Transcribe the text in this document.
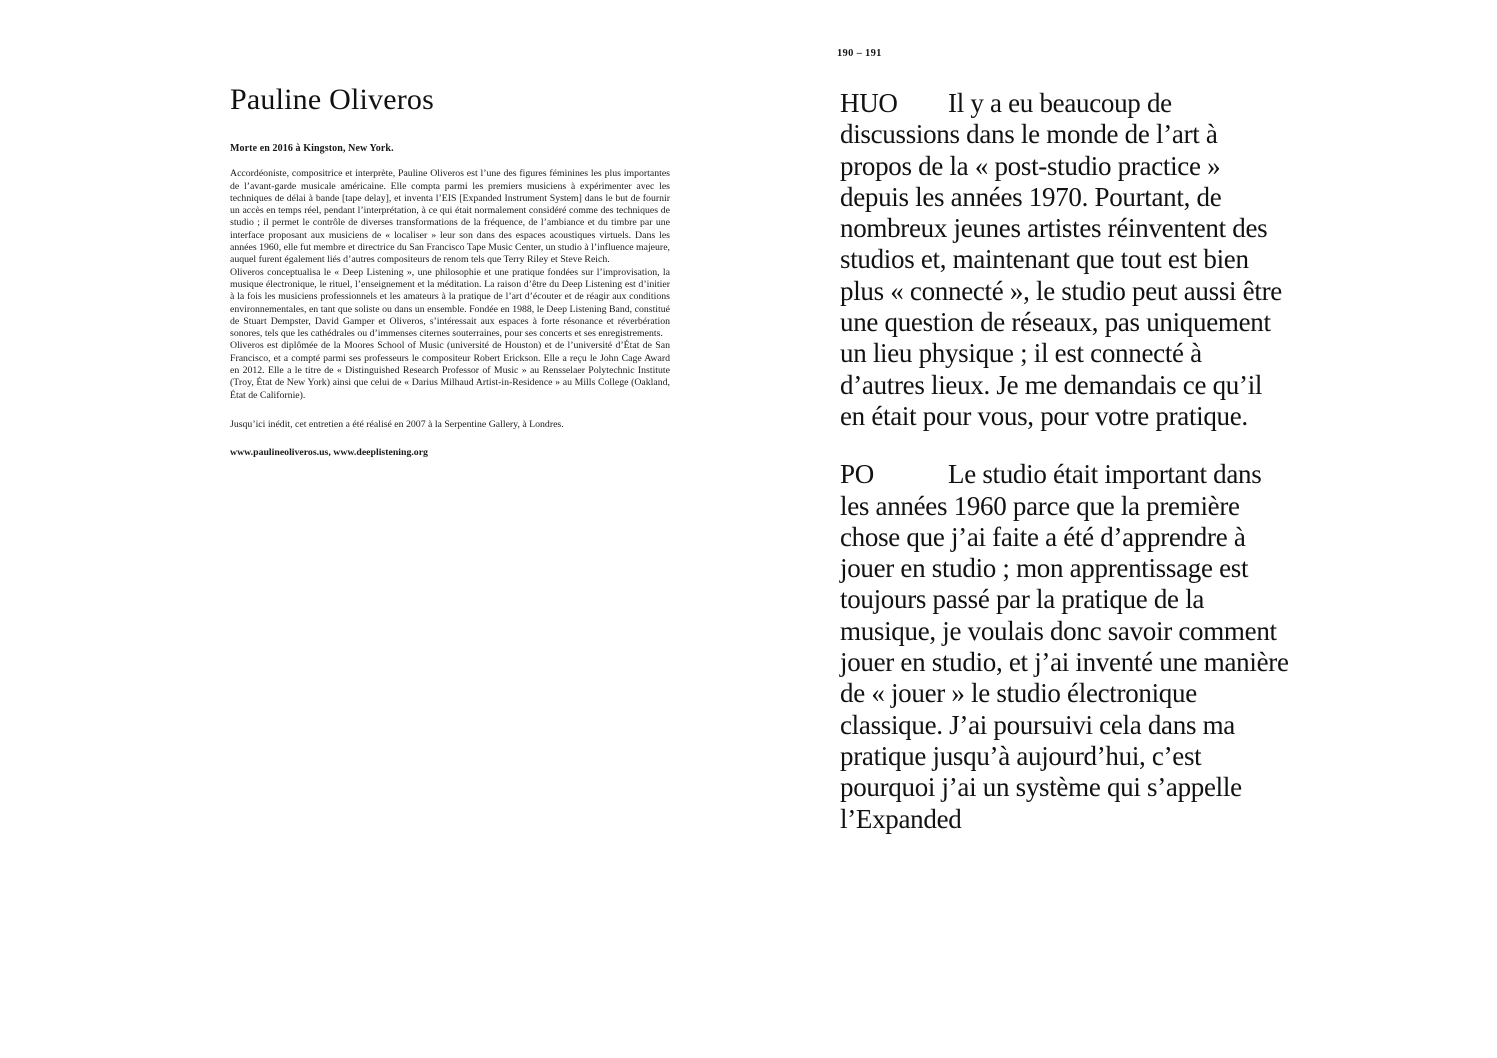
Pauline Oliveros
Morte en 2016 à Kingston, New York.

Accordéoniste, compositrice et interprète, Pauline Oliveros est l’une des figures féminines les plus importantes de l’avant-garde musicale américaine. Elle compta parmi les premiers musiciens à expérimenter avec les techniques de délai à bande [tape delay], et inventa l’EIS [Expanded Instrument System] dans le but de fournir un accès en temps réel, pendant l’interprétation, à ce qui était normalement considéré comme des techniques de studio ; il permet le contrôle de diverses transformations de la fréquence, de l’ambiance et du timbre par une interface proposant aux musiciens de « localiser » leur son dans des espaces acoustiques virtuels. Dans les années 1960, elle fut membre et directrice du San Francisco Tape Music Center, un studio à l’influence majeure, auquel furent également liés d’autres compositeurs de renom tels que Terry Riley et Steve Reich.

Oliveros conceptualisa le « Deep Listening », une philosophie et une pratique fondées sur l’improvisation, la musique électronique, le rituel, l’enseignement et la méditation. La raison d’être du Deep Listening est d’initier à la fois les musiciens professionnels et les amateurs à la pratique de l’art d’écouter et de réagir aux conditions environnementales, en tant que soliste ou dans un ensemble. Fondée en 1988, le Deep Listening Band, constitué de Stuart Dempster, David Gamper et Oliveros, s’intéressait aux espaces à forte résonance et réverbération sonores, tels que les cathédrales ou d’immenses citernes souterraines, pour ses concerts et ses enregistrements.

Oliveros est diplômée de la Moores School of Music (université de Houston) et de l’université d’État de San Francisco, et a compté parmi ses professeurs le compositeur Robert Erickson. Elle a reçu le John Cage Award en 2012. Elle a le titre de « Distinguished Research Professor of Music » au Rensselaer Polytechnic Institute (Troy, État de New York) ainsi que celui de « Darius Milhaud Artist-in-Residence » au Mills College (Oakland, État de Californie).

Jusqu’ici inédit, cet entretien a été réalisé en 2007 à la Serpentine Gallery, à Londres.
www.paulineoliveros.us, www.deeplistening.org
190 – 191

HUO Il y a eu beaucoup de discussions dans le monde de l’art à propos de la « post-studio practice » depuis les années 1970. Pourtant, de nombreux jeunes artistes réinventent des studios et, maintenant que tout est bien plus « connecté », le studio peut aussi être une question de réseaux, pas uniquement un lieu physique ; il est connecté à d’autres lieux. Je me demandais ce qu’il en était pour vous, pour votre pratique.

PO	Le studio était important dans les années 1960 parce que la première chose que j’ai faite a été d’apprendre à jouer en studio ; mon apprentissage est toujours passé par la pratique de la musique, je voulais donc savoir comment jouer en studio, et j’ai inventé une manière de « jouer » le studio électronique classique. J’ai poursuivi cela dans ma pratique jusqu’à aujourd’hui, c’est pourquoi j’ai un système qui s’appelle l’Expanded
